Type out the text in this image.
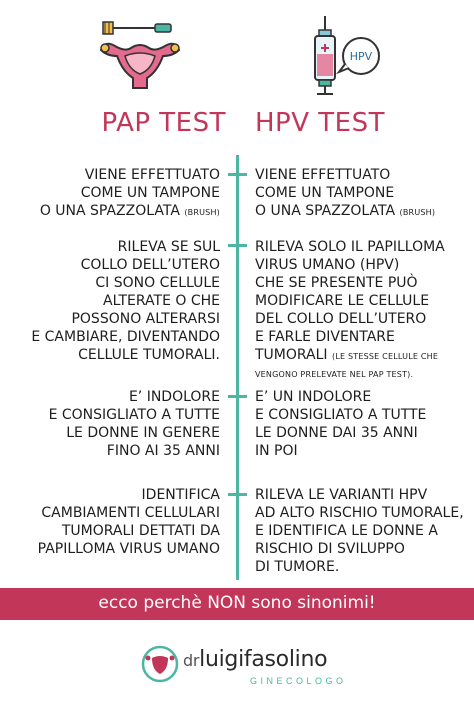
HPV
PAP TEST HPV TEST
VIENE EFFETTUATO
COME UN TAMPONE
O UNA SPAZZOLATA (BRUSH)
VIENE EFFETTUATO
COME UN TAMPONE
O UNA SPAZZOLATA (BRUSH)
RILEVA SE SUL
COLLO DELL’UTERO
CI SONO CELLULE
ALTERATE O CHE
POSSONO ALTERARSI
E CAMBIARE, DIVENTANDO
CELLULE TUMORALI.
RILEVA SOLO IL PAPILLOMA
VIRUS UMANO (HPV)
CHE SE PRESENTE PUÒ
MODIFICARE LE CELLULE
DEL COLLO DELL’UTERO
E FARLE DIVENTARE
TUMORALI (LE STESSE CELLULE CHE
VENGONO PRELEVATE NEL PAP TEST).
E’ INDOLORE
E CONSIGLIATO A TUTTE
LE DONNE IN GENERE
FINO AI 35 ANNI
E’ UN INDOLORE
E CONSIGLIATO A TUTTE
LE DONNE DAI 35 ANNI
IN POI
IDENTIFICA
CAMBIAMENTI CELLULARI
TUMORALI DETTATI DA
PAPILLOMA VIRUS UMANO
RILEVA LE VARIANTI HPV
AD ALTO RISCHIO TUMORALE,
E IDENTIFICA LE DONNE A
RISCHIO DI SVILUPPO
DI TUMORE.
ecco perchè NON sono sinonimi!
drluigifasolino
GINECOLOGO
